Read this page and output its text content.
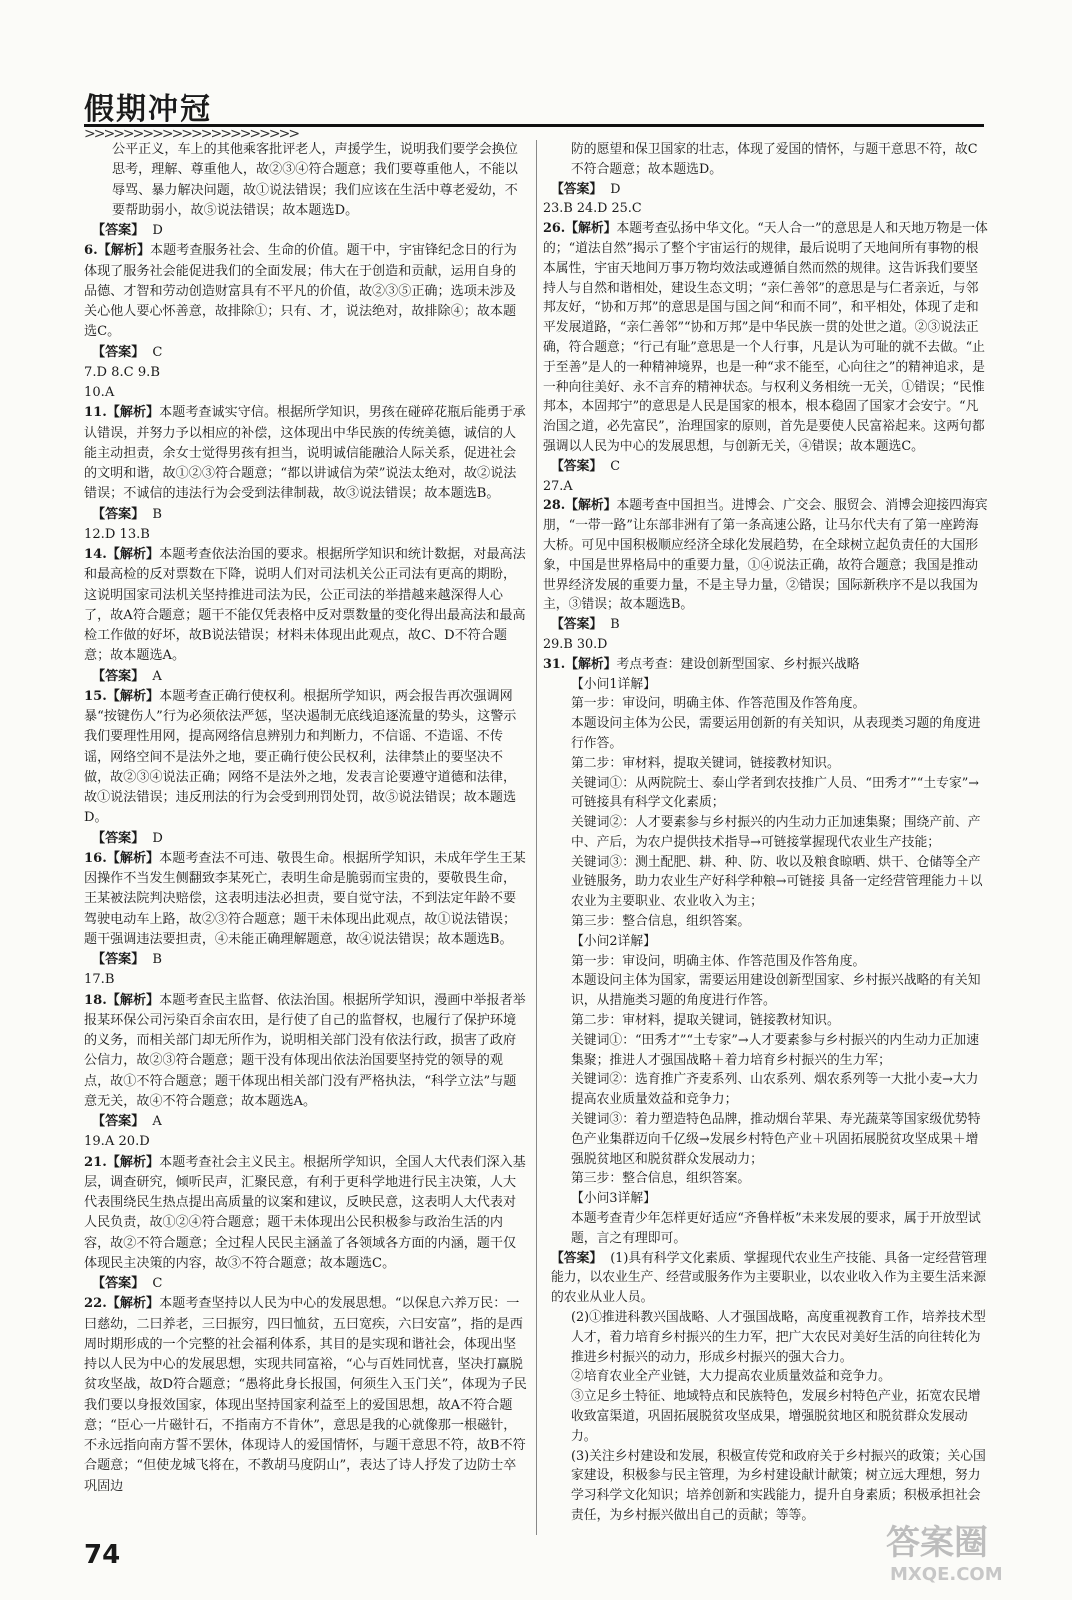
假期冲冠
>>>>>>>>>>>>>>>>>>>>>>

公平正义，车上的其他乘客批评老人，声援学生，说明我们要学会换位思考，理解、尊重他人，故②③④符合题意；我们要尊重他人，不能以辱骂、暴力解决问题，故①说法错误；我们应该在生活中尊老爱幼，不要帮助弱小，故⑤说法错误；故本题选D。

【答案】 D

6.【解析】本题考查服务社会、生命的价值。题干中，宇宙锋纪念日的行为体现了服务社会能促进我们的全面发展；伟大在于创造和贡献，运用自身的品德、才智和劳动创造财富具有不平凡的价值，故②③⑤正确；选项未涉及关心他人要心怀善意，故排除①；只有、才，说法绝对，故排除④；故本题选C。

【答案】 C

7.D 8.C 9.B

10.A

11.【解析】本题考查诚实守信。根据所学知识，男孩在碰碎花瓶后能勇于承认错误，并努力予以相应的补偿，这体现出中华民族的传统美德，诚信的人能主动担责，余女士觉得男孩有担当，说明诚信能融洽人际关系，促进社会的文明和谐，故①②③符合题意；“都以讲诚信为荣”说法太绝对，故②说法错误；不诚信的违法行为会受到法律制裁，故③说法错误；故本题选B。

【答案】 B

12.D 13.B

14.【解析】本题考查依法治国的要求。根据所学知识和统计数据，对最高法和最高检的反对票数在下降，说明人们对司法机关公正司法有更高的期盼，这说明国家司法机关坚持推进司法为民，公正司法的举措越来越深得人心了，故A符合题意；题干不能仅凭表格中反对票数量的变化得出最高法和最高检工作做的好坏，故B说法错误；材料未体现出此观点，故C、D不符合题意；故本题选A。

【答案】 A

15.【解析】本题考查正确行使权利。根据所学知识，两会报告再次强调网暴“按键伤人”行为必须依法严惩，坚决遏制无底线追逐流量的势头，这警示我们要理性用网，提高网络信息辨别力和判断力，不信谣、不造谣、不传谣，网络空间不是法外之地，要正确行使公民权利，法律禁止的要坚决不做，故②③④说法正确；网络不是法外之地，发表言论要遵守道德和法律，故①说法错误；违反刑法的行为会受到刑罚处罚，故⑤说法错误；故本题选D。

【答案】 D

16.【解析】本题考查法不可违、敬畏生命。根据所学知识，未成年学生王某因操作不当发生侧翻致李某死亡，表明生命是脆弱而宝贵的，要敬畏生命，王某被法院判决赔偿，这表明违法必担责，要自觉守法，不到法定年龄不要驾驶电动车上路，故②③符合题意；题干未体现出此观点，故①说法错误；题干强调违法要担责，④未能正确理解题意，故④说法错误；故本题选B。

【答案】 B

17.B

18.【解析】本题考查民主监督、依法治国。根据所学知识，漫画中举报者举报某环保公司污染百余亩农田，是行使了自己的监督权，也履行了保护环境的义务，而相关部门却无所作为，说明相关部门没有依法行政，损害了政府公信力，故②③符合题意；题干没有体现出依法治国要坚持党的领导的观点，故①不符合题意；题干体现出相关部门没有严格执法，“科学立法”与题意无关，故④不符合题意；故本题选A。

【答案】 A

19.A 20.D

21.【解析】本题考查社会主义民主。根据所学知识，全国人大代表们深入基层，调查研究，倾听民声，汇聚民意，有利于更科学地进行民主决策，人大代表围绕民生热点提出高质量的议案和建议，反映民意，这表明人大代表对人民负责，故①②④符合题意；题干未体现出公民积极参与政治生活的内容，故②不符合题意；全过程人民民主涵盖了各领域各方面的内涵，题干仅体现民主决策的内容，故③不符合题意；故本题选C。

【答案】 C

22.【解析】本题考查坚持以人民为中心的发展思想。“以保息六养万民：一曰慈幼，二曰养老，三曰振穷，四曰恤贫，五曰宽疾，六曰安富”，指的是西周时期形成的一个完整的社会福利体系，其目的是实现和谐社会，体现出坚持以人民为中心的发展思想，实现共同富裕，“心与百姓同忧喜，坚决打赢脱贫攻坚战，故D符合题意；“愚将此身长报国，何须生入玉门关”，体现为子民我们要以身报效国家，体现出坚持国家利益至上的爱国思想，故A不符合题意；“臣心一片磁针石，不指南方不肯休”，意思是我的心就像那一根磁针，不永远指向南方誓不罢休，体现诗人的爱国情怀，与题干意思不符，故B不符合题意；“但使龙城飞将在，不教胡马度阴山”，表达了诗人抒发了边防士卒巩固边

防的愿望和保卫国家的壮志，体现了爱国的情怀，与题干意思不符，故C不符合题意；故本题选D。

【答案】 D

23.B 24.D 25.C

26.【解析】本题考查弘扬中华文化。“天人合一”的意思是人和天地万物是一体的；“道法自然”揭示了整个宇宙运行的规律，最后说明了天地间所有事物的根本属性，宇宙天地间万事万物均效法或遵循自然而然的规律。这告诉我们要坚持人与自然和谐相处，建设生态文明；“亲仁善邻”的意思是与仁者亲近，与邻邦友好，“协和万邦”的意思是国与国之间“和而不同”，和平相处，体现了走和平发展道路，“亲仁善邻”“协和万邦”是中华民族一贯的处世之道。②③说法正确，符合题意；“行己有耻”意思是一个人行事，凡是认为可耻的就不去做。“止于至善”是人的一种精神境界，也是一种“求不能至，心向往之”的精神追求，是一种向往美好、永不言弃的精神状态。与权利义务相统一无关，①错误；“民惟邦本，本固邦宁”的意思是人民是国家的根本，根本稳固了国家才会安宁。“凡治国之道，必先富民”，治理国家的原则，首先是要使人民富裕起来。这两句都强调以人民为中心的发展思想，与创新无关，④错误；故本题选C。

【答案】 C

27.A

28.【解析】本题考查中国担当。进博会、广交会、服贸会、消博会迎接四海宾朋，“一带一路”让东部非洲有了第一条高速公路，让马尔代夫有了第一座跨海大桥。可见中国积极顺应经济全球化发展趋势，在全球树立起负责任的大国形象，中国是世界格局中的重要力量，①④说法正确，故符合题意；我国是推动世界经济发展的重要力量，不是主导力量，②错误；国际新秩序不是以我国为主，③错误；故本题选B。

【答案】 B

29.B 30.D

31.【解析】考点考查：建设创新型国家、乡村振兴战略

【小问1详解】

第一步：审设问，明确主体、作答范围及作答角度。

本题设问主体为公民，需要运用创新的有关知识，从表现类习题的角度进行作答。

第二步：审材料，提取关键词，链接教材知识。

关键词①：从两院院士、泰山学者到农技推广人员、“田秀才”“土专家”→可链接具有科学文化素质；

关键词②：人才要素参与乡村振兴的内生动力正加速集聚；围绕产前、产中、产后，为农户提供技术指导→可链接掌握现代农业生产技能；

关键词③：测土配肥、耕、种、防、收以及粮食晾晒、烘干、仓储等全产业链服务，助力农业生产好科学种粮→可链接 具备一定经营管理能力＋以农业为主要职业、农业收入为主；

第三步：整合信息，组织答案。

【小问2详解】

第一步：审设问，明确主体、作答范围及作答角度。

本题设问主体为国家，需要运用建设创新型国家、乡村振兴战略的有关知识，从措施类习题的角度进行作答。

第二步：审材料，提取关键词，链接教材知识。

关键词①：“田秀才”“土专家”→人才要素参与乡村振兴的内生动力正加速集聚；推进人才强国战略＋着力培育乡村振兴的生力军；

关键词②：选育推广齐麦系列、山农系列、烟农系列等一大批小麦→大力提高农业质量效益和竞争力；

关键词③：着力塑造特色品牌，推动烟台苹果、寿光蔬菜等国家级优势特色产业集群迈向千亿级→发展乡村特色产业＋巩固拓展脱贫攻坚成果＋增强脱贫地区和脱贫群众发展动力；

第三步：整合信息，组织答案。

【小问3详解】

本题考查青少年怎样更好适应“齐鲁样板”未来发展的要求，属于开放型试题，言之有理即可。

【答案】 (1)具有科学文化素质、掌握现代农业生产技能、具备一定经营管理能力，以农业生产、经营或服务作为主要职业，以农业收入作为主要生活来源的农业从业人员。

(2)①推进科教兴国战略、人才强国战略，高度重视教育工作，培养技术型人才，着力培育乡村振兴的生力军，把广大农民对美好生活的向往转化为推进乡村振兴的动力，形成乡村振兴的强大合力。

②培育农业全产业链，大力提高农业质量效益和竞争力。

③立足乡土特征、地域特点和民族特色，发展乡村特色产业，拓宽农民增收致富渠道，巩固拓展脱贫攻坚成果，增强脱贫地区和脱贫群众发展动力。

(3)关注乡村建设和发展，积极宣传党和政府关于乡村振兴的政策；关心国家建设，积极参与民主管理，为乡村建设献计献策；树立远大理想，努力学习科学文化知识；培养创新和实践能力，提升自身素质；积极承担社会责任，为乡村振兴做出自己的贡献；等等。

74	答案圈
MXQE.COM
